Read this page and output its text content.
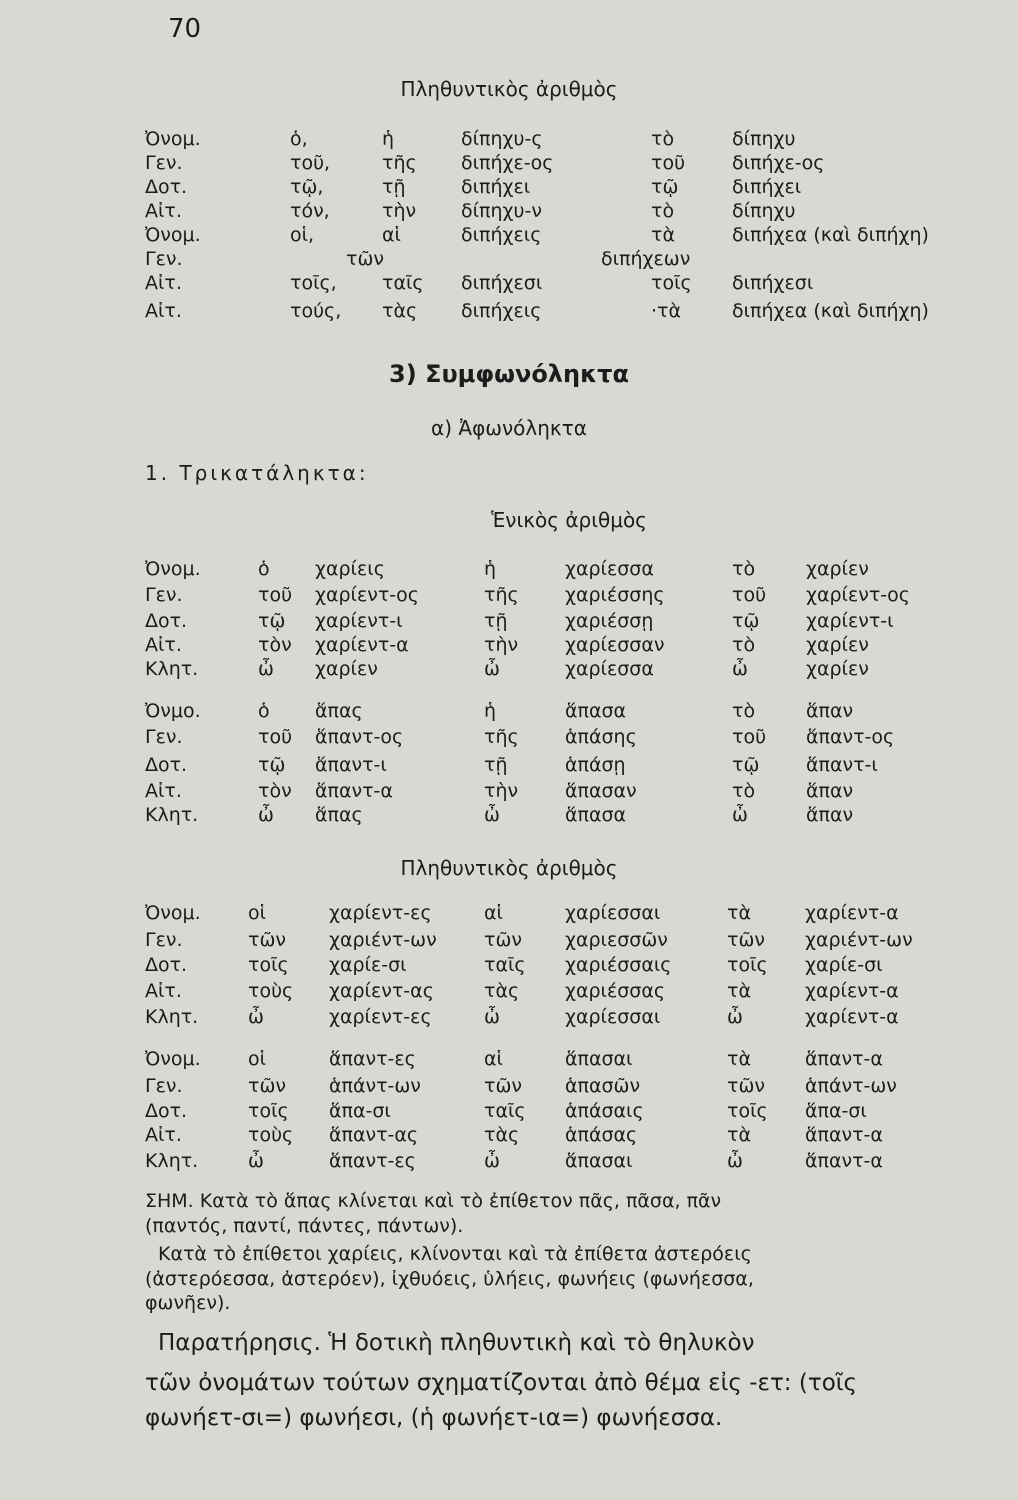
70
Πληθυντικὸς ἀριθμὸς
Ὀνομ.	ὁ,	ἡ	δίπηχυ-ς	τὸ	δίπηχυ
Γεν.	τοῦ,	τῆς διπήχε-ος	τοῦ διπήχε-ος
Δοτ.	τῷ,	τῇ	διπήχει	τῷ	διπήχει
Αἰτ.	τόν,	τὴν δίπηχυ-ν	τὸ	δίπηχυ
Ὀνομ.	οἱ,	αἱ	διπήχεις	τὰ	διπήχεα (καὶ διπήχη)
Γεν.	τῶν	διπήχεων
Αἰτ.	τοῖς, ταῖς διπήχεσι	τοῖς διπήχεσι
Αἰτ.	τούς, τὰς διπήχεις	·τὰ	διπήχεα (καὶ διπήχη)
3) Συμφωνόληκτα
α) Ἀφωνόληκτα
1. Τρικατάληκτα:
Ἑνικὸς ἀριθμὸς
Ὀνομ.	ὁ χαρίεις	ἡ	χαρίεσσα	τὸ	χαρίεν
Γεν.	τοῦ χαρίεντ-ος	τῆς χαριέσσης	τοῦ χαρίεντ-ος
Δοτ.	τῷ χαρίεντ-ι	τῇ	χαριέσσῃ	τῷ χαρίεντ-ι
Αἰτ.	τὸν χαρίεντ-α	τὴν χαρίεσσαν	τὸ	χαρίεν
Κλητ.	ὦ χαρίεν	ὦ	χαρίεσσα	ὦ	χαρίεν
Ὀνμο.	ὁ ἅπας	ἡ	ἅπασα	τὸ	ἅπαν
Γεν.	τοῦ ἅπαντ-ος	τῆς ἁπάσης	τοῦ ἅπαντ-ος
Δοτ.	τῷ ἅπαντ-ι	τῇ	ἁπάσῃ	τῷ ἅπαντ-ι
Αἰτ.	τὸν ἅπαντ-α	τὴν ἅπασαν	τὸ	ἅπαν
Κλητ.	ὦ ἅπας	ὦ	ἅπασα	ὦ	ἅπαν
Πληθυντικὸς ἀριθμὸς
Ὀνομ. οἱ	χαρίεντ-ες	αἱ	χαρίεσσαι	τὰ	χαρίεντ-α
Γεν.	τῶν χαριέντ-ων τῶν χαριεσσῶν	τῶν χαριέντ-ων
Δοτ.	τοῖς χαρίε-σι	ταῖς χαριέσσαις	τοῖς χαρίε-σι
Αἰτ.	τοὺς χαρίεντ-ας	τὰς χαριέσσας	τὰ	χαρίεντ-α
Κλητ.	ὦ	χαρίεντ-ες	ὦ	χαρίεσσαι	ὦ	χαρίεντ-α
Ὀνομ. οἱ	ἅπαντ-ες	αἱ	ἅπασαι	τὰ	ἅπαντ-α
Γεν.	τῶν ἁπάντ-ων	τῶν ἁπασῶν	τῶν ἁπάντ-ων
Δοτ.	τοῖς ἅπα-σι	ταῖς ἁπάσαις	τοῖς ἅπα-σι
Αἰτ.	τοὺς ἅπαντ-ας	τὰς ἁπάσας	τὰ	ἅπαντ-α
Κλητ.	ὦ	ἅπαντ-ες	ὦ	ἅπασαι	ὦ	ἅπαντ-α
ΣΗΜ. Κατὰ τὸ ἅπας κλίνεται καὶ τὸ ἐπίθετον πᾶς, πᾶσα, πᾶν
(παντός, παντί, πάντες, πάντων).
Κατὰ τὸ ἐπίθετοι χαρίεις, κλίνονται καὶ τὰ ἐπίθετα ἀστερόεις
(ἀστερόεσσα, ἀστερόεν), ἰχθυόεις, ὑλήεις, φωνήεις (φωνήεσσα,
φωνῆεν).
Παρατήρησις. Ἡ δοτικὴ πληθυντικὴ καὶ τὸ θηλυκὸν
τῶν ὀνομάτων τούτων σχηματίζονται ἀπὸ θέμα εἰς -ετ: (τοῖς
φωνήετ-σι=) φωνήεσι, (ἡ φωνήετ-ια=) φωνήεσσα.
